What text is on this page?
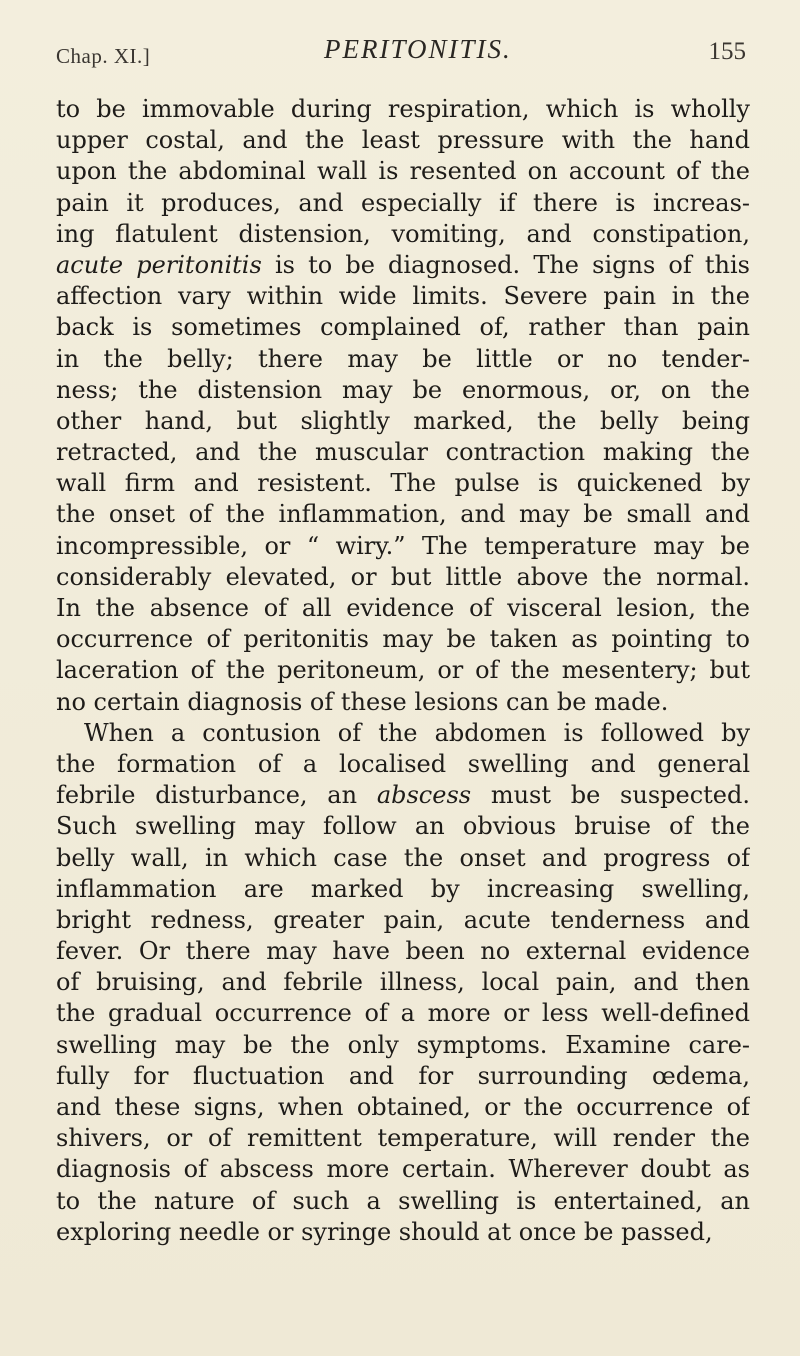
Chap. XI.]	PERITONITIS.	155
to be immovable during respiration, which is wholly
upper costal, and the least pressure with the hand
upon the abdominal wall is resented on account of the
pain it produces, and especially if there is increas-
ing flatulent distension, vomiting, and constipation,
acute peritonitis is to be diagnosed. The signs of this
affection vary within wide limits. Severe pain in the
back is sometimes complained of, rather than pain
in the belly; there may be little or no tender-
ness; the distension may be enormous, or, on the
other hand, but slightly marked, the belly being
retracted, and the muscular contraction making the
wall firm and resistent. The pulse is quickened by
the onset of the inflammation, and may be small and
incompressible, or “ wiry.” The temperature may be
considerably elevated, or but little above the normal.
In the absence of all evidence of visceral lesion, the
occurrence of peritonitis may be taken as pointing to
laceration of the peritoneum, or of the mesentery; but
no certain diagnosis of these lesions can be made.
When a contusion of the abdomen is followed by
the formation of a localised swelling and general
febrile disturbance, an abscess must be suspected.
Such swelling may follow an obvious bruise of the
belly wall, in which case the onset and progress of
inflammation are marked by increasing swelling,
bright redness, greater pain, acute tenderness and
fever. Or there may have been no external evidence
of bruising, and febrile illness, local pain, and then
the gradual occurrence of a more or less well-defined
swelling may be the only symptoms. Examine care-
fully for fluctuation and for surrounding œdema,
and these signs, when obtained, or the occurrence of
shivers, or of remittent temperature, will render the
diagnosis of abscess more certain. Wherever doubt as
to the nature of such a swelling is entertained, an
exploring needle or syringe should at once be passed,
